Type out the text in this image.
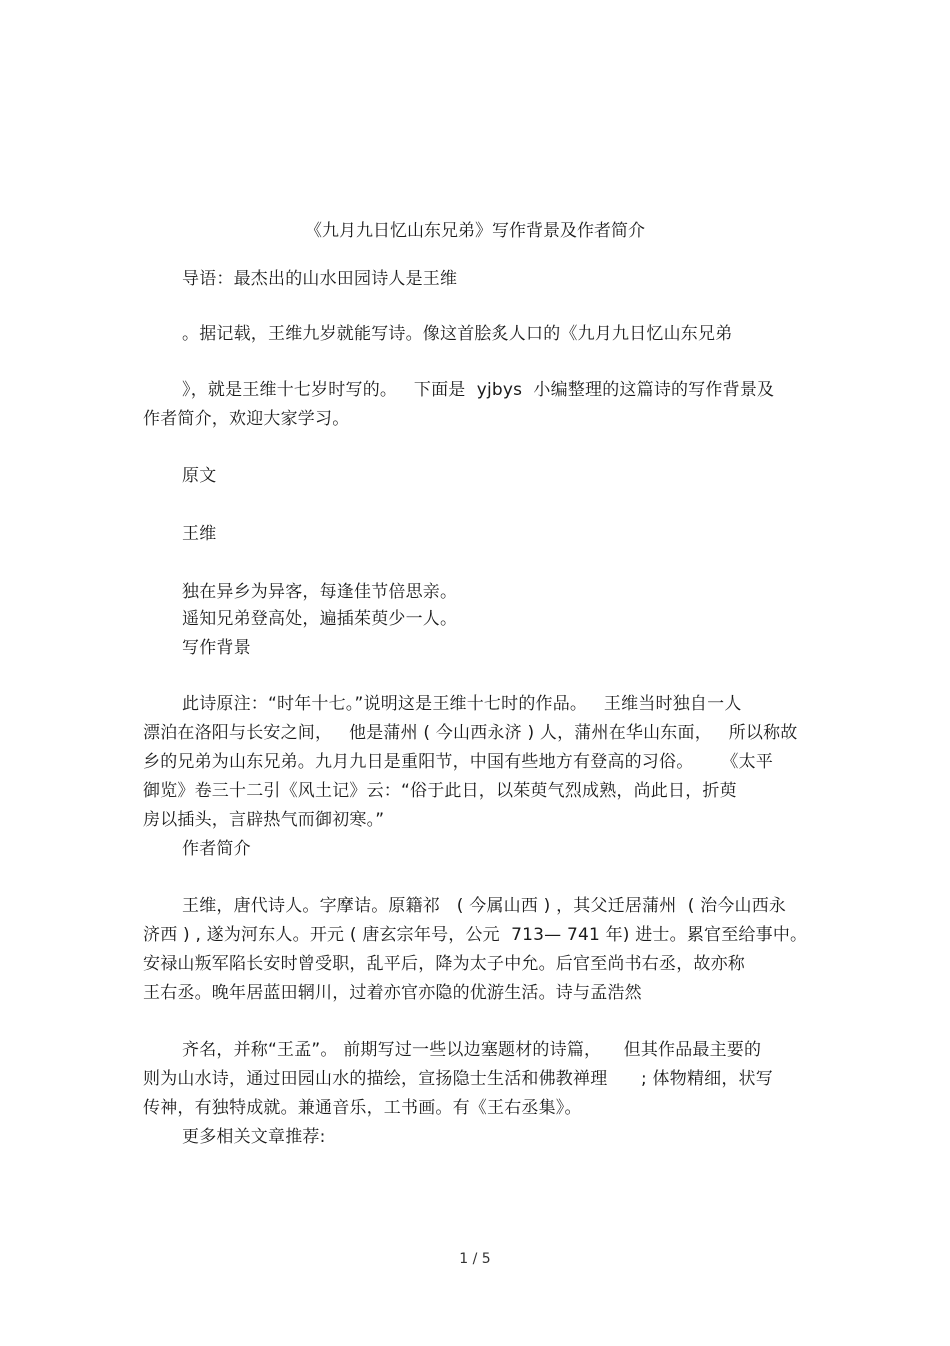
《九月九日忆山东兄弟》写作背景及作者简介
导语：最杰出的山水田园诗人是王维
。据记载，王维九岁就能写诗。像这首脍炙人口的《九月九日忆山东兄弟
》，就是王维十七岁时写的。   下面是  yjbys  小编整理的这篇诗的写作背景及
作者简介，欢迎大家学习。
原文
王维
独在异乡为异客，每逢佳节倍思亲。
遥知兄弟登高处，遍插茱萸少一人。
写作背景
此诗原注：“时年十七。”说明这是王维十七时的作品。   王维当时独自一人
漂泊在洛阳与长安之间，   他是蒲州 ( 今山西永济 ) 人，蒲州在华山东面，   所以称故
乡的兄弟为山东兄弟。九月九日是重阳节，中国有些地方有登高的习俗。     《太平
御览》卷三十二引《风土记》云：“俗于此日，以茱萸气烈成熟，尚此日，折萸
房以插头，言辟热气而御初寒。”
作者简介
王维，唐代诗人。字摩诘。原籍祁   ( 今属山西 ) ，其父迁居蒲州  ( 治今山西永
济西 ) , 遂为河东人。开元 ( 唐玄宗年号，公元  713— 741 年) 进士。累官至给事中。
安禄山叛军陷长安时曾受职，乱平后，降为太子中允。后官至尚书右丞，故亦称
王右丞。晚年居蓝田辋川，过着亦官亦隐的优游生活。诗与孟浩然
齐名，并称“王孟”。 前期写过一些以边塞题材的诗篇，    但其作品最主要的
则为山水诗，通过田园山水的描绘，宣扬隐士生活和佛教禅理      ; 体物精细，状写
传神，有独特成就。兼通音乐，工书画。有《王右丞集》。
更多相关文章推荐:
1 / 5
